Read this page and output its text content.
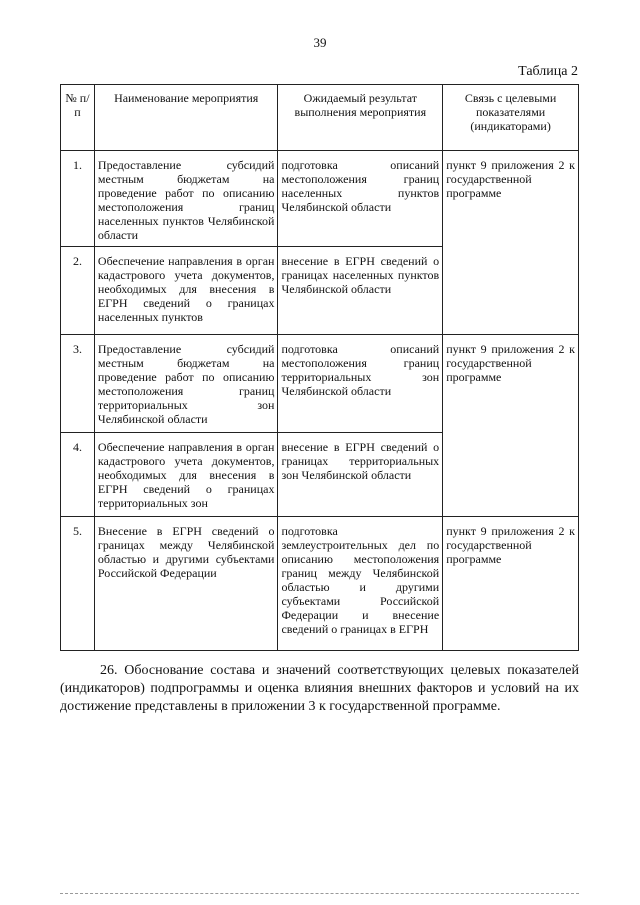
39
Таблица 2
№ п/п	Наименование мероприятия	Ожидаемый результат выполнения мероприятия	Связь с целевыми показателями (индикаторами)
1.	Предоставление субсидий местным бюджетам на проведение работ по описанию местоположения границ населенных пунктов Челябинской области	подготовка описаний местоположения границ населенных пунктов Челябинской области	пункт 9 приложения 2 к государственной программе
2.	Обеспечение направления в орган кадастрового учета документов, необходимых для внесения в ЕГРН сведений о границах населенных пунктов	внесение в ЕГРН сведений о границах населенных пунктов Челябинской области	
3.	Предоставление субсидий местным бюджетам на проведение работ по описанию местоположения границ территориальных зон Челябинской области	подготовка описаний местоположения границ территориальных зон Челябинской области	пункт 9 приложения 2 к государственной программе
4.	Обеспечение направления в орган кадастрового учета документов, необходимых для внесения в ЕГРН сведений о границах территориальных зон	внесение в ЕГРН сведений о границах территориальных зон Челябинской области	
5.	Внесение в ЕГРН сведений о границах между Челябинской областью и другими субъектами Российской Федерации	подготовка землеустроительных дел по описанию местоположения границ между Челябинской областью и другими субъектами Российской Федерации и внесение сведений о границах в ЕГРН	пункт 9 приложения 2 к государственной программе
26. Обоснование состава и значений соответствующих целевых показателей (индикаторов) подпрограммы и оценка влияния внешних факторов и условий на их достижение представлены в приложении 3 к государственной программе.
